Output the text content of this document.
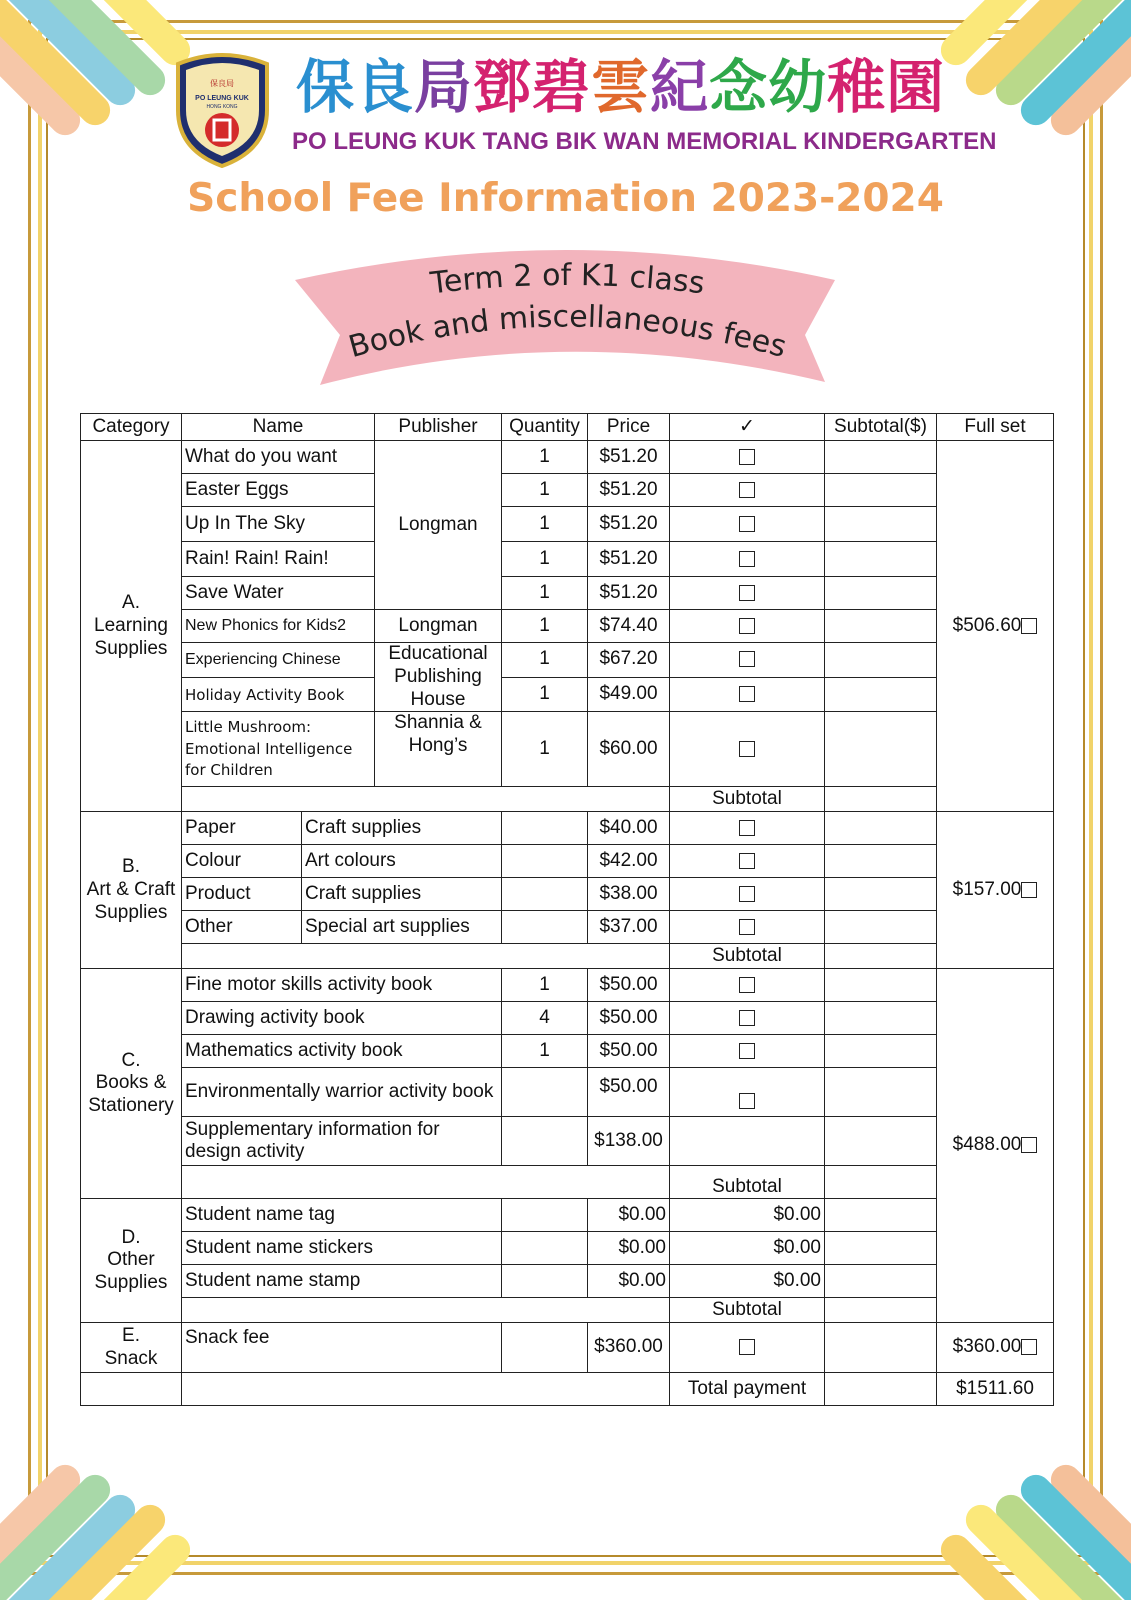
保良局
PO LEUNG KUK
HONG KONG 保良局鄧碧雲紀念幼稚園
PO LEUNG KUK TANG BIK WAN MEMORIAL KINDERGARTEN
School Fee Information 2023-2024
Term 2 of K1 class
Book and miscellaneous fees
Category	Name		Publisher	Quantity	Price	✓	Subtotal($)	Full set
A.
Learning
Supplies	What do you want		Longman	1	$51.20			$506.60
	Easter Eggs			1	$51.20			
	Up In The Sky			1	$51.20			
	Rain! Rain! Rain!			1	$51.20			
	Save Water			1	$51.20			
	New Phonics for Kids2		Longman	1	$74.40			
	Experiencing Chinese		Educational Publishing House	1	$67.20			
	Holiday Activity Book			1	$49.00			
	Little Mushroom: Emotional Intelligence for Children		Shannia & Hong’s	1	$60.00			
						Subtotal		
B.
Art & Craft
Supplies	Paper	Craft supplies			$40.00			$157.00
	Colour	Art colours			$42.00			
	Product	Craft supplies			$38.00			
	Other	Special art supplies			$37.00			
						Subtotal		
C.
Books &
Stationery	Fine motor skills activity book			1	$50.00			$488.00
	Drawing activity book			4	$50.00			
	Mathematics activity book			1	$50.00			
	Environmentally warrior activity book				$50.00			
	Supplementary information for design activity				$138.00			
						Subtotal		
D.
Other
Supplies	Student name tag				$0.00	$0.00		
	Student name stickers				$0.00	$0.00		
	Student name stamp				$0.00	$0.00		
						Subtotal		
E.
Snack	Snack fee				$360.00			$360.00
						Total payment		$1511.60
